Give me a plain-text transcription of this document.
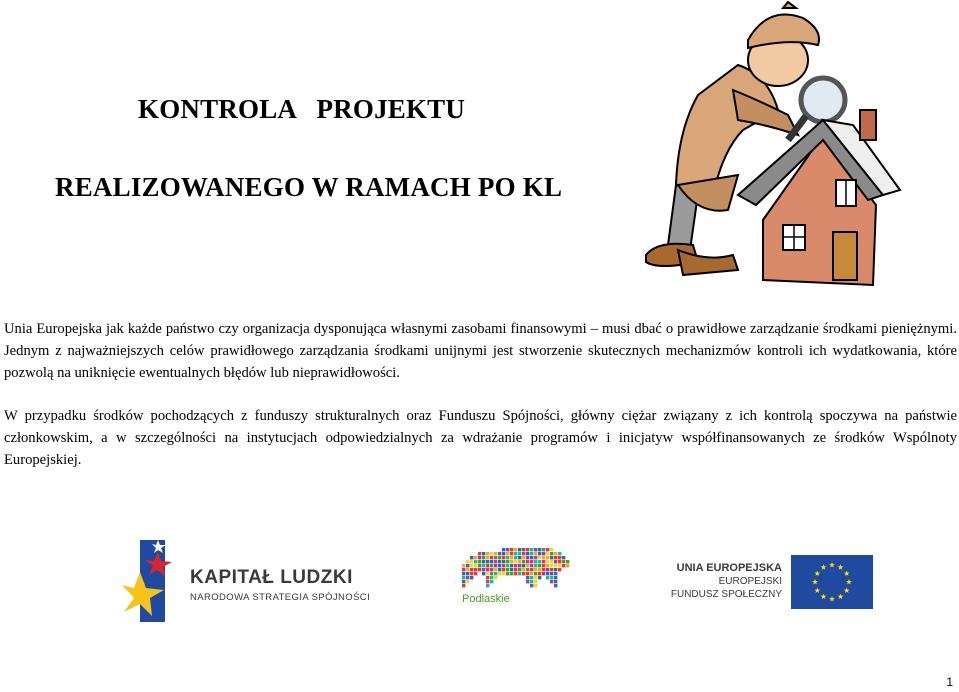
KONTROLA   PROJEKTU
REALIZOWANEGO W RAMACH PO KL

Unia Europejska jak każde państwo czy organizacja dysponująca własnymi zasobami finansowymi – musi dbać o prawidłowe zarządzanie środkami pieniężnymi. Jednym z najważniejszych celów prawidłowego zarządzania środkami unijnymi jest stworzenie skutecznych mechanizmów kontroli ich wydatkowania, które pozwolą na uniknięcie ewentualnych błędów lub nieprawidłowości.

W przypadku środków pochodzących z funduszy strukturalnych oraz Funduszu Spójności, główny ciężar związany z ich kontrolą spoczywa na państwie członkowskim, a w szczególności na instytucjach odpowiedzialnych za wdrażanie programów i inicjatyw współfinansowanych ze środków Wspólnoty Europejskiej.

KAPITAŁ LUDZKI
NARODOWA STRATEGIA SPÓJNOŚCI	Podlaskie
UNIA EUROPEJSKA
EUROPEJSKI
FUNDUSZ SPOŁECZNY
1
